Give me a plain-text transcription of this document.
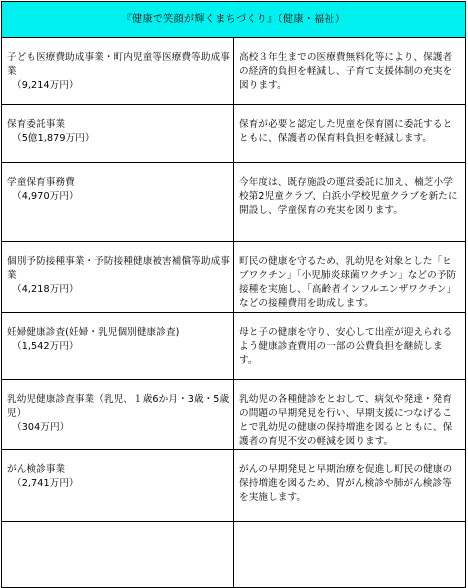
『健康で笑顔が輝くまちづくり』（健康・福祉）	
子ども医療費助成事業・町内児童等医療費等助成事業
（9,214万円）	高校３年生までの医療費無料化等により、保護者の経済的負担を軽減し、子育て支援体制の充実を図ります。
保育委託事業
（5億1,879万円）	保育が必要と認定した児童を保育園に委託するとともに、保護者の保育料負担を軽減します。
学童保育事務費
（4,970万円）	今年度は、既存施設の運営委託に加え、楠芝小学校第2児童クラブ、白浜小学校児童クラブを新たに開設し、学童保育の充実を図ります。
個別予防接種事業・予防接種健康被害補償等助成事業
（4,218万円）	町民の健康を守るため、乳幼児を対象とした「ヒブワクチン」「小児肺炎球菌ワクチン」などの予防接種を実施し、「高齢者インフルエンザワクチン」などの接種費用を助成します。
妊婦健康診査(妊婦・乳児個別健康診査)
（1,542万円）	母と子の健康を守り、安心して出産が迎えられるよう健康診査費用の一部の公費負担を継続します。
乳幼児健康診査事業（乳児、１歳6か月・3歳・5歳児）
（304万円）	乳幼児の各種健診をとおして、病気や発達・発育の問題の早期発見を行い、早期支援につなげることで乳幼児の健康の保持増進を図るとともに、保護者の育児不安の軽減を図ります。
がん検診事業
（2,741万円）	がんの早期発見と早期治療を促進し町民の健康の保持増進を図るため、胃がん検診や肺がん検診等を実施します。
